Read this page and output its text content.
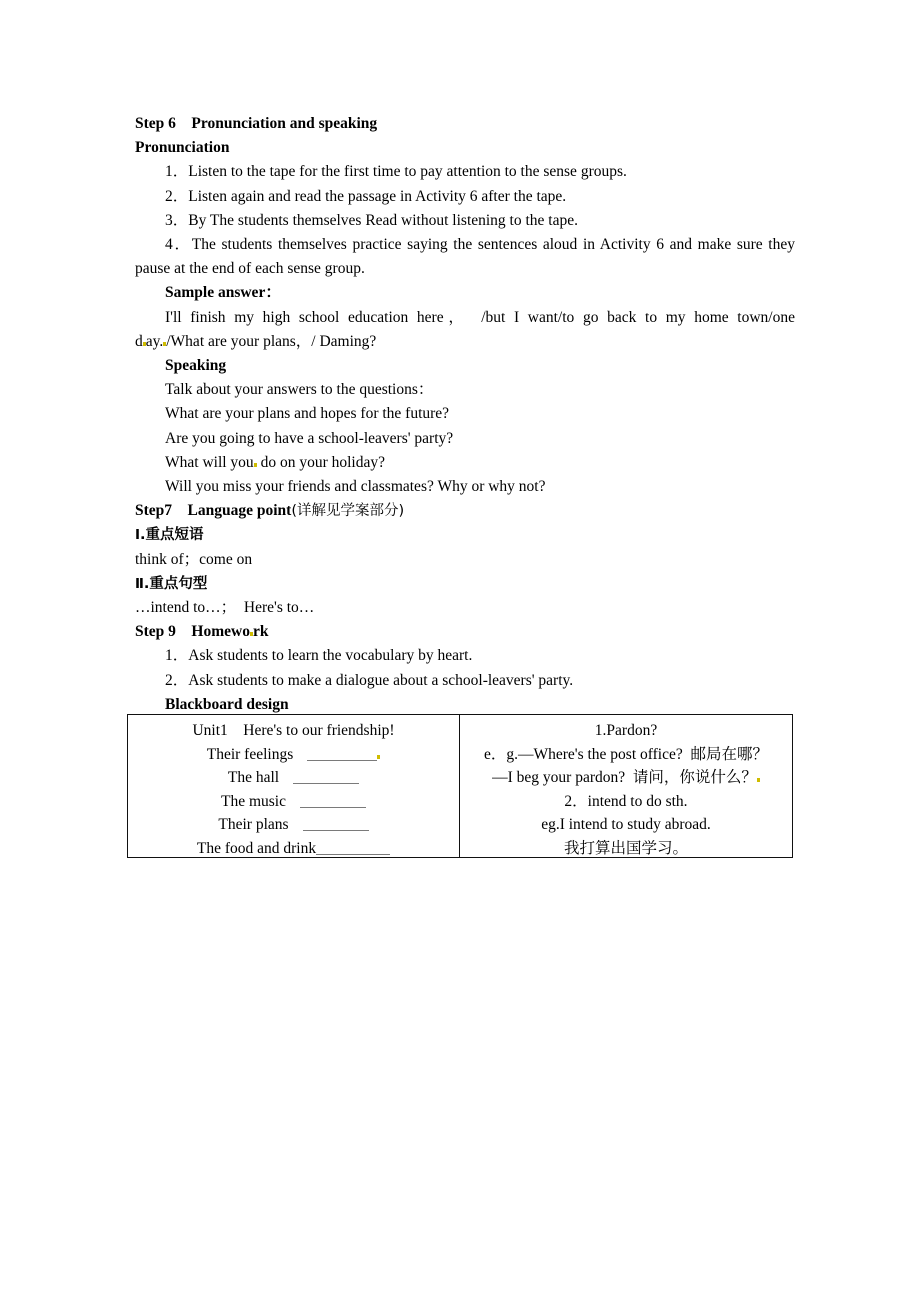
Step 6　Pronunciation and speaking
Pronunciation
1．Listen to the tape for the first time to pay attention to the sense groups.
2．Listen again and read the passage in Activity 6 after the tape.
3．By The students themselves Read without listening to the tape.
4．The students themselves practice saying the sentences aloud in Activity 6 and make sure they pause at the end of each sense group.
Sample answer：
I'll finish my high school education here，　/but I want/to go back to my home town/one
d ay. /What are your plans，/ Daming?
Speaking
Talk about your answers to the questions：
What are your plans and hopes for the future?
Are you going to have a school-leavers' party?
What will you do on your holiday?
Will you miss your friends and classmates? Why or why not?
Step7　Language point(详解见学案部分)
Ⅰ.重点短语
think of；come on
Ⅱ.重点句型
…intend to…；　Here's to…
Step 9　Homewo rk
1．Ask students to learn the vocabulary by heart.
2．Ask students to make a dialogue about a school-leavers' party.
Blackboard design
Unit1　Here's to our friendship!
Their feelings
The hall
The music
Their plans
The food and drink
1.Pardon?
e．g.—Where's the post office?  邮局在哪？
—I beg your pardon?  请问，你说什么？
2．intend to do sth.
eg.I intend to study abroad.
我打算出国学习。
